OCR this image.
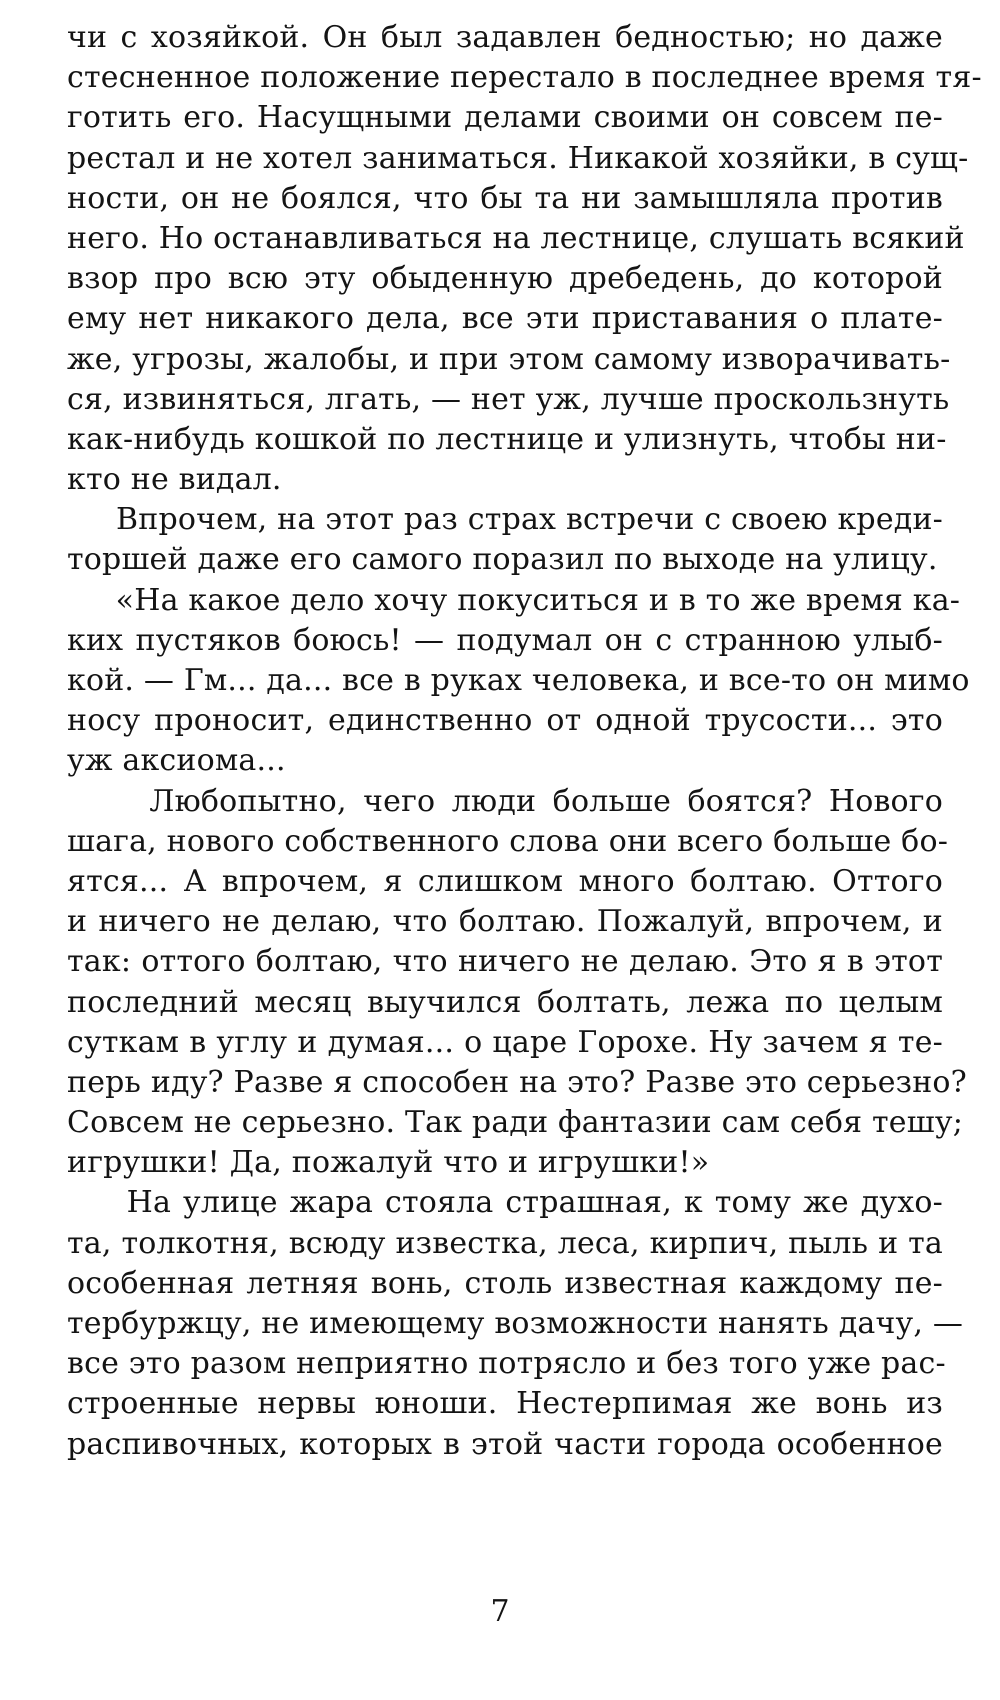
чи с хозяйкой. Он был задавлен бедностью; но даже
стесненное положение перестало в последнее время тя-
готить его. Насущными делами своими он совсем пе-
рестал и не хотел заниматься. Никакой хозяйки, в сущ-
ности, он не боялся, что бы та ни замышляла против
него. Но останавливаться на лестнице, слушать всякий
взор про всю эту обыденную дребедень, до которой
ему нет никакого дела, все эти приставания о плате-
же, угрозы, жалобы, и при этом самому изворачивать-
ся, извиняться, лгать, — нет уж, лучше проскользнуть
как-нибудь кошкой по лестнице и улизнуть, чтобы ни-
кто не видал.
Впрочем, на этот раз страх встречи с своею креди-
торшей даже его самого поразил по выходе на улицу.
«На какое дело хочу покуситься и в то же время ка-
ких пустяков боюсь! — подумал он с странною улыб-
кой. — Гм... да... все в руках человека, и все-то он мимо
носу проносит, единственно от одной трусости... это
уж аксиома...
Любопытно, чего люди больше боятся? Нового
шага, нового собственного слова они всего больше бо-
ятся... А впрочем, я слишком много болтаю. Оттого
и ничего не делаю, что болтаю. Пожалуй, впрочем, и
так: оттого болтаю, что ничего не делаю. Это я в этот
последний месяц выучился болтать, лежа по целым
суткам в углу и думая... о царе Горохе. Ну зачем я те-
перь иду? Разве я способен на это? Разве это серьезно?
Совсем не серьезно. Так ради фантазии сам себя тешу;
игрушки! Да, пожалуй что и игрушки!»
На улице жара стояла страшная, к тому же духо-
та, толкотня, всюду известка, леса, кирпич, пыль и та
особенная летняя вонь, столь известная каждому пе-
тербуржцу, не имеющему возможности нанять дачу, —
все это разом неприятно потрясло и без того уже рас-
строенные нервы юноши. Нестерпимая же вонь из
распивочных, которых в этой части города особенное
7
